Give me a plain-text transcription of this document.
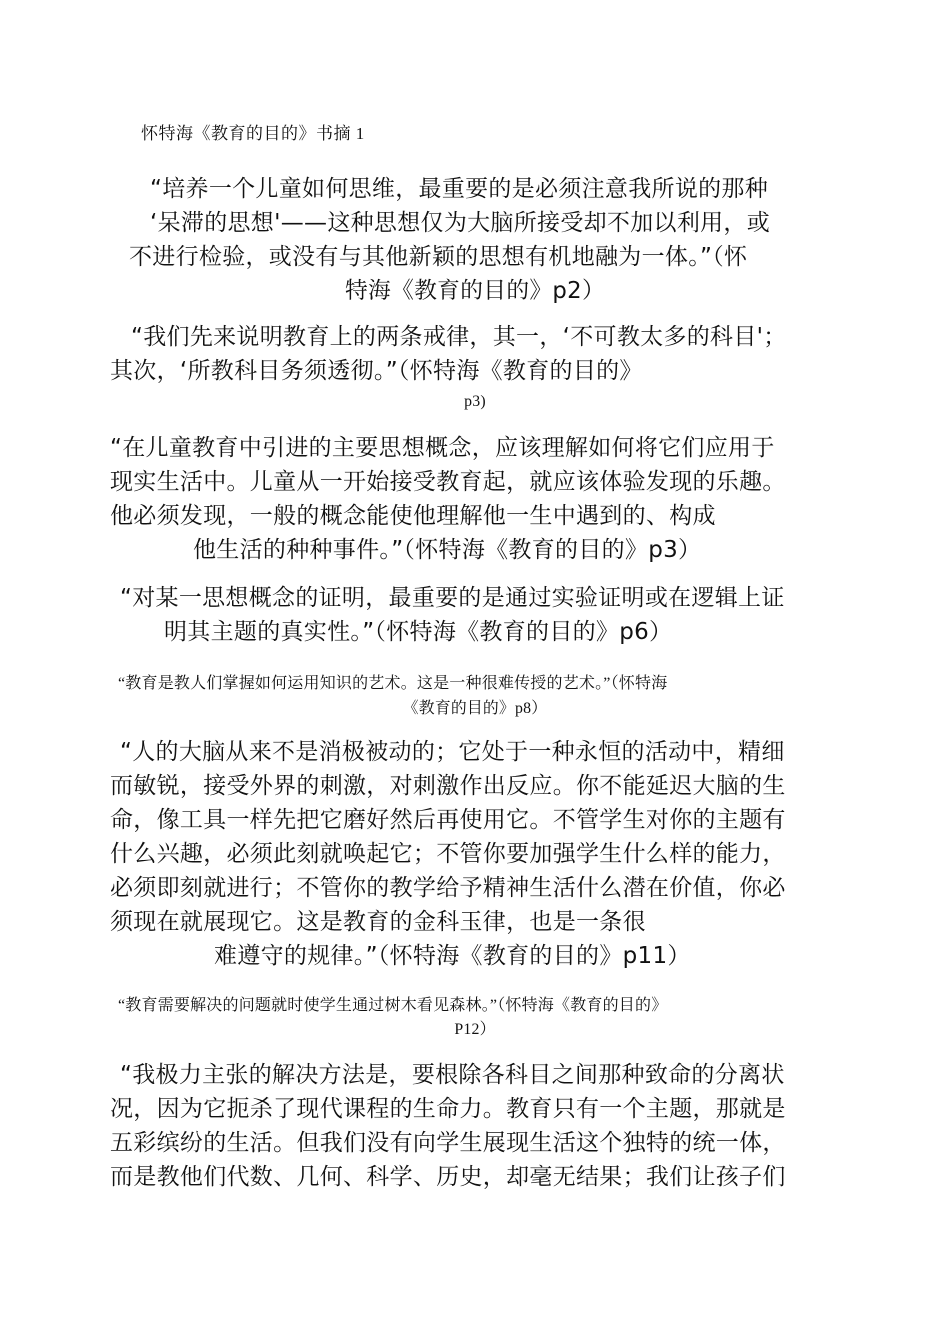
怀特海《教育的目的》书摘 1
“培养一个儿童如何思维，最重要的是必须注意我所说的那种
‘呆滞的思想'——这种思想仅为大脑所接受却不加以利用，或
不进行检验，或没有与其他新颖的思想有机地融为一体。”（怀
特海《教育的目的》p2）
“我们先来说明教育上的两条戒律，其一，‘不可教太多的科目'；
其次，‘所教科目务须透彻。”（怀特海《教育的目的》
p3)
“在儿童教育中引进的主要思想概念，应该理解如何将它们应用于
现实生活中。儿童从一开始接受教育起，就应该体验发现的乐趣。
他必须发现，一般的概念能使他理解他一生中遇到的、构成
他生活的种种事件。”（怀特海《教育的目的》p3）
“对某一思想概念的证明，最重要的是通过实验证明或在逻辑上证
明其主题的真实性。”（怀特海《教育的目的》p6）
“教育是教人们掌握如何运用知识的艺术。这是一种很难传授的艺术。”（怀特海
《教育的目的》p8）
“人的大脑从来不是消极被动的；它处于一种永恒的活动中，精细
而敏锐，接受外界的刺激，对刺激作出反应。你不能延迟大脑的生
命，像工具一样先把它磨好然后再使用它。不管学生对你的主题有
什么兴趣，必须此刻就唤起它；不管你要加强学生什么样的能力，
必须即刻就进行；不管你的教学给予精神生活什么潜在价值，你必
须现在就展现它。这是教育的金科玉律，也是一条很
难遵守的规律。”（怀特海《教育的目的》p11）
“教育需要解决的问题就时使学生通过树木看见森林。”（怀特海《教育的目的》
P12）
“我极力主张的解决方法是，要根除各科目之间那种致命的分离状
况，因为它扼杀了现代课程的生命力。教育只有一个主题，那就是
五彩缤纷的生活。但我们没有向学生展现生活这个独特的统一体，
而是教他们代数、几何、科学、历史，却毫无结果；我们让孩子们
